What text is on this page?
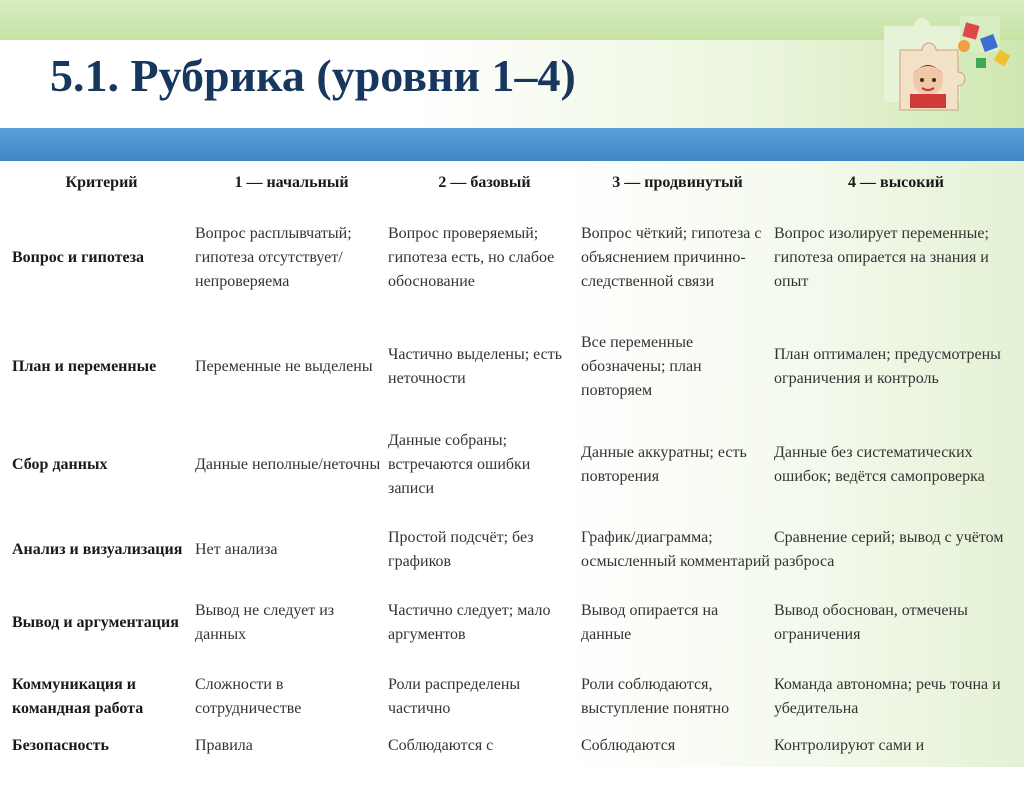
5.1. Рубрика (уровни 1–4)
Критерий	1 — начальный	2 — базовый	3 — продвинутый	4 — высокий
Вопрос и гипотеза	Вопрос расплывчатый; гипотеза отсутствует/непроверяема	Вопрос проверяемый; гипотеза есть, но слабое обоснование	Вопрос чёткий; гипотеза с объяснением причинно-следственной связи	Вопрос изолирует переменные; гипотеза опирается на знания и опыт
План и переменные	Переменные не выделены	Частично выделены; есть неточности	Все переменные обозначены; план повторяем	План оптимален; предусмотрены ограничения и контроль
Сбор данных	Данные неполные/неточны	Данные собраны; встречаются ошибки записи	Данные аккуратны; есть повторения	Данные без систематических ошибок; ведётся самопроверка
Анализ и визуализация	Нет анализа	Простой подсчёт; без графиков	График/диаграмма; осмысленный комментарий	Сравнение серий; вывод с учётом разброса
Вывод и аргументация	Вывод не следует из данных	Частично следует; мало аргументов	Вывод опирается на данные	Вывод обоснован, отмечены ограничения
Коммуникация и командная работа	Сложности в сотрудничестве	Роли распределены частично	Роли соблюдаются, выступление понятно	Команда автономна; речь точна и убедительна
Безопасность	Правила	Соблюдаются с	Соблюдаются	Контролируют сами и
